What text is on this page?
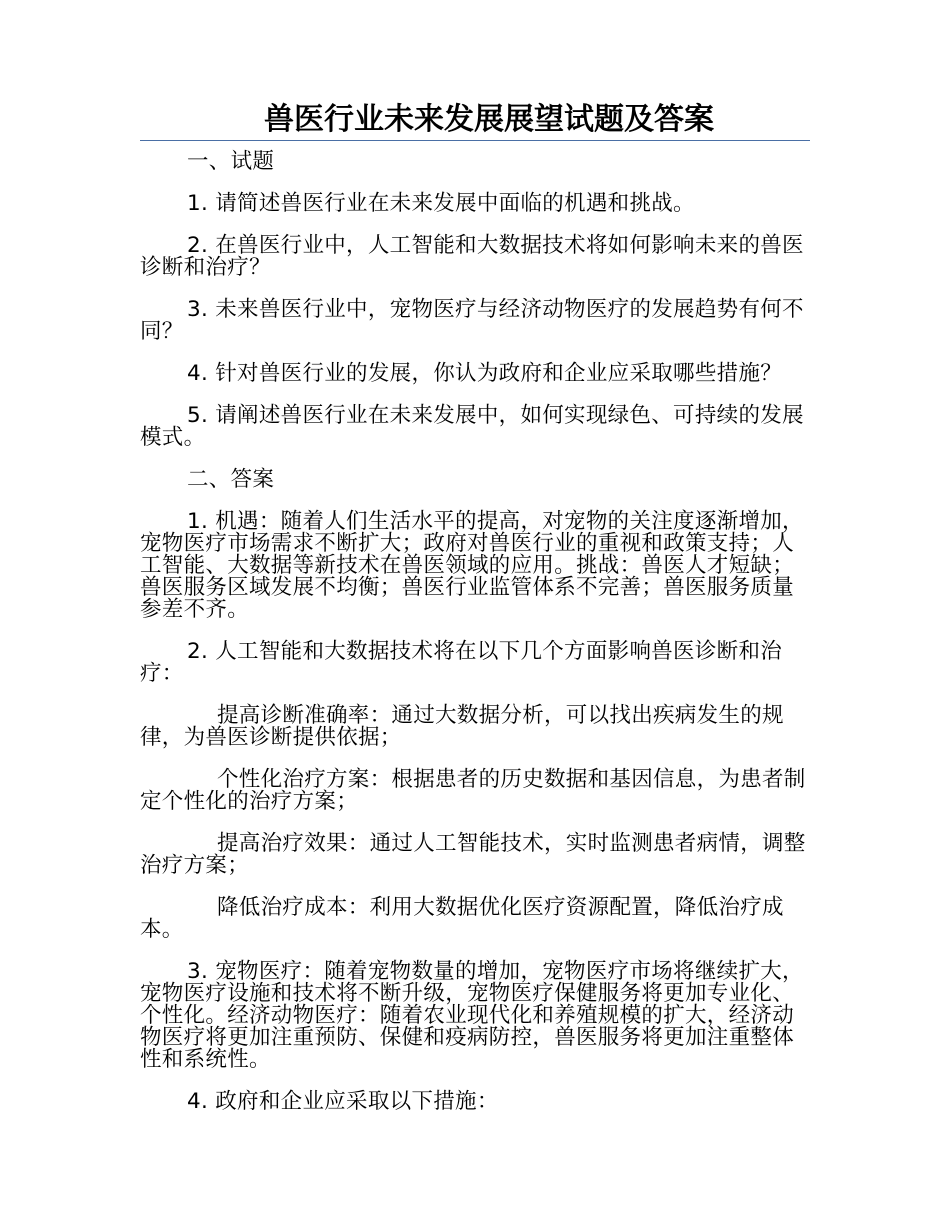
兽医行业未来发展展望试题及答案

一、试题

1. 请简述兽医行业在未来发展中面临的机遇和挑战。

2. 在兽医行业中，人工智能和大数据技术将如何影响未来的兽医诊断和治疗？

3. 未来兽医行业中，宠物医疗与经济动物医疗的发展趋势有何不同？

4. 针对兽医行业的发展，你认为政府和企业应采取哪些措施？

5. 请阐述兽医行业在未来发展中，如何实现绿色、可持续的发展模式。

二、答案

1. 机遇：随着人们生活水平的提高，对宠物的关注度逐渐增加，宠物医疗市场需求不断扩大；政府对兽医行业的重视和政策支持；人工智能、大数据等新技术在兽医领域的应用。挑战：兽医人才短缺；兽医服务区域发展不均衡；兽医行业监管体系不完善；兽医服务质量参差不齐。

2. 人工智能和大数据技术将在以下几个方面影响兽医诊断和治疗：

提高诊断准确率：通过大数据分析，可以找出疾病发生的规律，为兽医诊断提供依据；

个性化治疗方案：根据患者的历史数据和基因信息，为患者制定个性化的治疗方案；

提高治疗效果：通过人工智能技术，实时监测患者病情，调整治疗方案；

降低治疗成本：利用大数据优化医疗资源配置，降低治疗成本。

3. 宠物医疗：随着宠物数量的增加，宠物医疗市场将继续扩大，宠物医疗设施和技术将不断升级，宠物医疗保健服务将更加专业化、个性化。经济动物医疗：随着农业现代化和养殖规模的扩大，经济动物医疗将更加注重预防、保健和疫病防控，兽医服务将更加注重整体性和系统性。

4. 政府和企业应采取以下措施：
